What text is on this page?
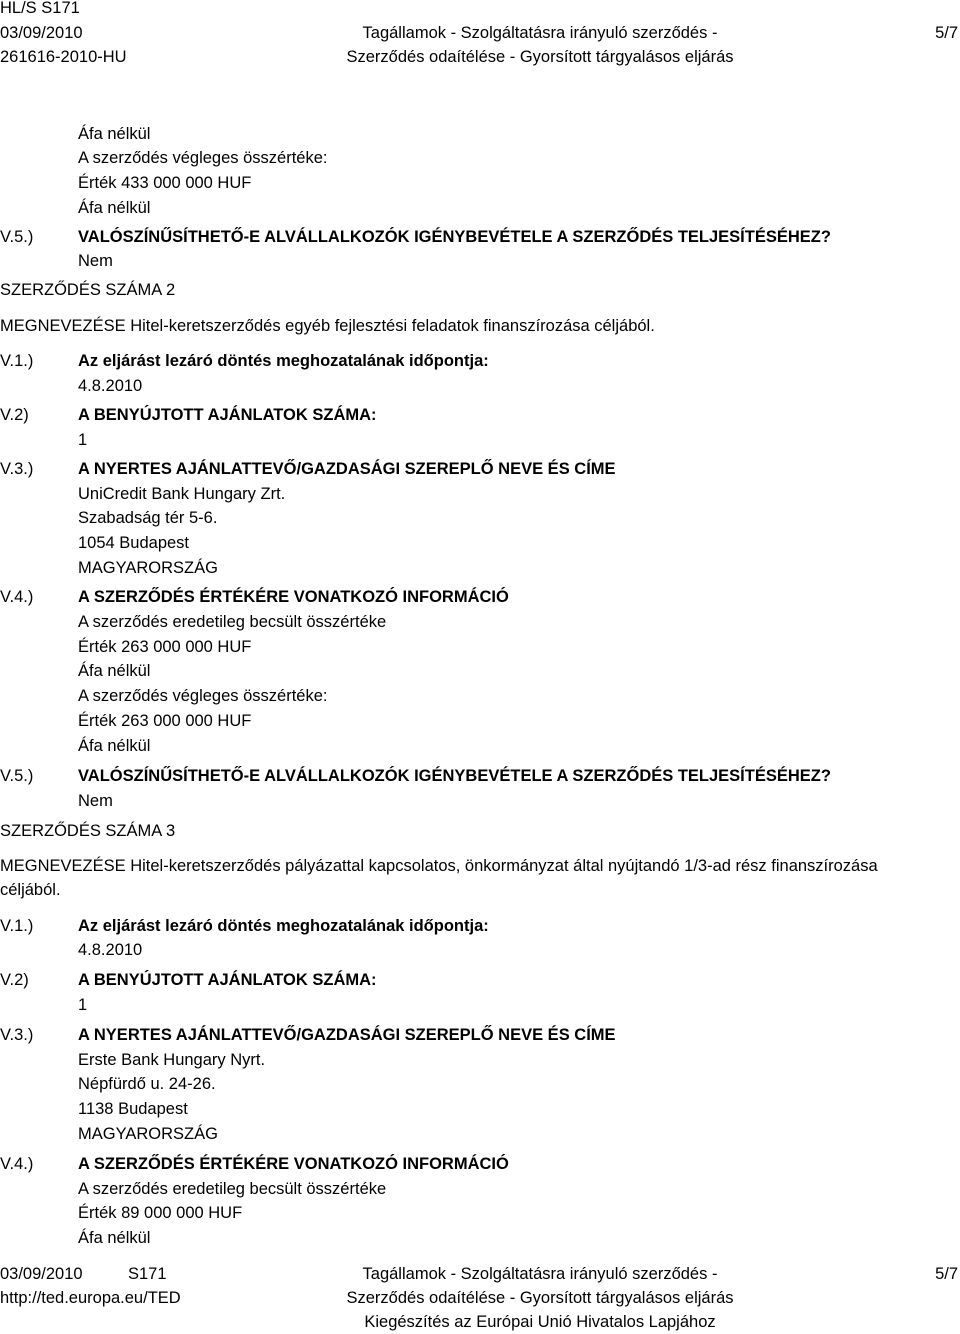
HL/S S171
03/09/2010
261616-2010-HU
Tagállamok - Szolgáltatásra irányuló szerződés -
Szerződés odaítélése - Gyorsított tárgyalásos eljárás
5/7
Áfa nélkül
A szerződés végleges összértéke:
Érték 433 000 000 HUF
Áfa nélkül
V.5.)	VALÓSZÍNŰSÍTHETŐ-E ALVÁLLALKOZÓK IGÉNYBEVÉTELE A SZERZŐDÉS TELJESÍTÉSÉHEZ?
Nem
SZERZŐDÉS SZÁMA 2
MEGNEVEZÉSE Hitel-keretszerződés egyéb fejlesztési feladatok finanszírozása céljából.
V.1.)	Az eljárást lezáró döntés meghozatalának időpontja:
4.8.2010
V.2)	A BENYÚJTOTT AJÁNLATOK SZÁMA:
1
V.3.)	A NYERTES AJÁNLATTEVŐ/GAZDASÁGI SZEREPLŐ NEVE ÉS CÍME
UniCredit Bank Hungary Zrt.
Szabadság tér 5-6.
1054 Budapest
MAGYARORSZÁG
V.4.)	A SZERZŐDÉS ÉRTÉKÉRE VONATKOZÓ INFORMÁCIÓ
A szerződés eredetileg becsült összértéke
Érték 263 000 000 HUF
Áfa nélkül
A szerződés végleges összértéke:
Érték 263 000 000 HUF
Áfa nélkül
V.5.)	VALÓSZÍNŰSÍTHETŐ-E ALVÁLLALKOZÓK IGÉNYBEVÉTELE A SZERZŐDÉS TELJESÍTÉSÉHEZ?
Nem
SZERZŐDÉS SZÁMA 3
MEGNEVEZÉSE Hitel-keretszerződés pályázattal kapcsolatos, önkormányzat által nyújtandó 1/3-ad rész finanszírozása
céljából.
V.1.)	Az eljárást lezáró döntés meghozatalának időpontja:
4.8.2010
V.2)	A BENYÚJTOTT AJÁNLATOK SZÁMA:
1
V.3.)	A NYERTES AJÁNLATTEVŐ/GAZDASÁGI SZEREPLŐ NEVE ÉS CÍME
Erste Bank Hungary Nyrt.
Népfürdő u. 24-26.
1138 Budapest
MAGYARORSZÁG
V.4.)	A SZERZŐDÉS ÉRTÉKÉRE VONATKOZÓ INFORMÁCIÓ
A szerződés eredetileg becsült összértéke
Érték 89 000 000 HUF
Áfa nélkül
03/09/2010	S171
http://ted.europa.eu/TED
Tagállamok - Szolgáltatásra irányuló szerződés -
Szerződés odaítélése - Gyorsított tárgyalásos eljárás
Kiegészítés az Európai Unió Hivatalos Lapjához
5/7
